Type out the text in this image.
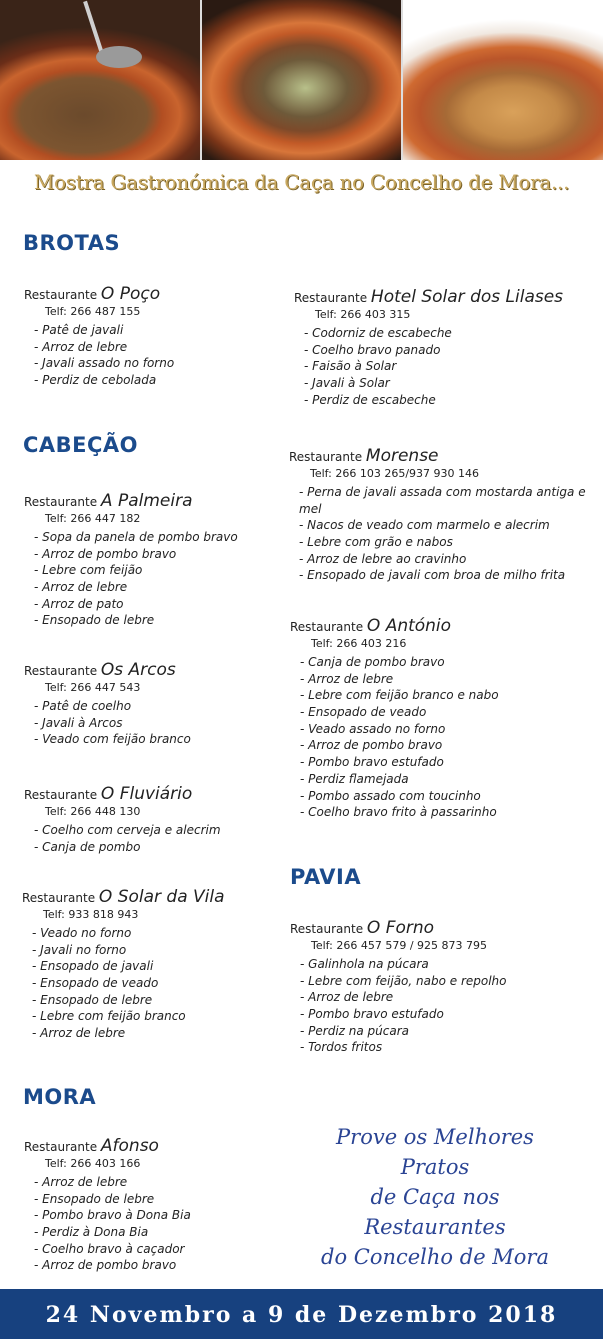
Mostra Gastronómica da Caça no Concelho de Mora...
BROTAS
Restaurante O Poço
Telf: 266 487 155
- Patê de javali
- Arroz de lebre
- Javali assado no forno
- Perdiz de cebolada
CABEÇÃO
Restaurante A Palmeira
Telf: 266 447 182
- Sopa da panela de pombo bravo
- Arroz de pombo bravo
- Lebre com feijão
- Arroz de lebre
- Arroz de pato
- Ensopado de lebre
Restaurante Os Arcos
Telf: 266 447 543
- Patê de coelho
- Javali à Arcos
- Veado com feijão branco
Restaurante O Fluviário
Telf: 266 448 130
- Coelho com cerveja e alecrim
- Canja de pombo
Restaurante O Solar da Vila
Telf: 933 818 943
- Veado no forno
- Javali no forno
- Ensopado de javali
- Ensopado de veado
- Ensopado de lebre
- Lebre com feijão branco
- Arroz de lebre
MORA
Restaurante Afonso
Telf: 266 403 166
- Arroz de lebre
- Ensopado de lebre
- Pombo bravo à Dona Bia
- Perdiz à Dona Bia
- Coelho bravo à caçador
- Arroz de pombo bravo
Restaurante Hotel Solar dos Lilases
Telf: 266 403 315
- Codorniz de escabeche
- Coelho bravo panado
- Faisão à Solar
- Javali à Solar
- Perdiz de escabeche
Restaurante Morense
Telf: 266 103 265/937 930 146
- Perna de javali assada com mostarda antiga e mel
- Nacos de veado com marmelo e alecrim
- Lebre com grão e nabos
- Arroz de lebre ao cravinho
- Ensopado de javali com broa de milho frita
Restaurante O António
Telf: 266 403 216
- Canja de pombo bravo
- Arroz de lebre
- Lebre com feijão branco e nabo
- Ensopado de veado
- Veado assado no forno
- Arroz de pombo bravo
- Pombo bravo estufado
- Perdiz flamejada
- Pombo assado com toucinho
- Coelho bravo frito à passarinho
PAVIA
Restaurante O Forno
Telf: 266 457 579 / 925 873 795
- Galinhola na púcara
- Lebre com feijão, nabo e repolho
- Arroz de lebre
- Pombo bravo estufado
- Perdiz na púcara
- Tordos fritos
Prove os Melhores Pratos
de Caça nos Restaurantes
do Concelho de Mora
24 Novembro a 9 de Dezembro 2018
